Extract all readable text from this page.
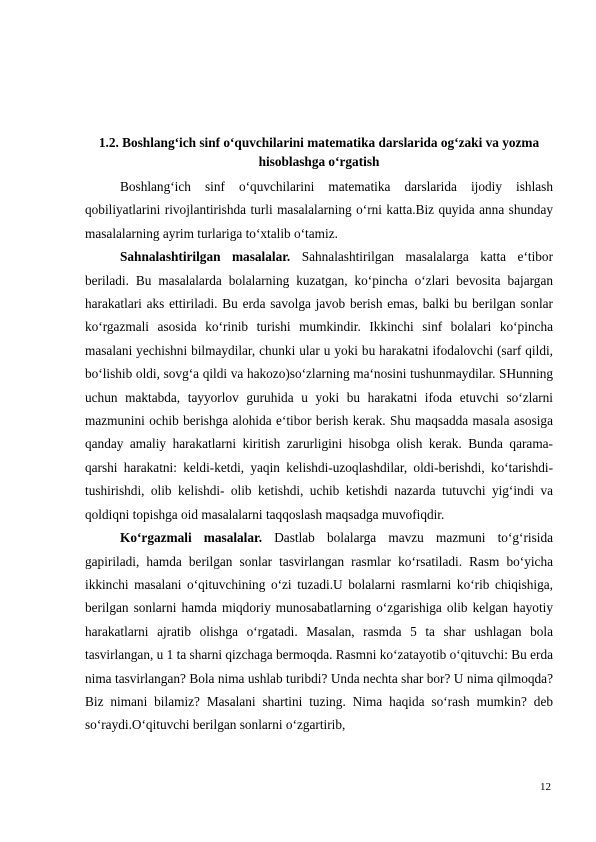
1.2. Boshlang‘ich sinf o‘quvchilarini matematika darslarida og‘zaki va yozma
hisoblashga o‘rgatish

Boshlang‘ich sinf o‘quvchilarini matematika darslarida ijodiy ishlash qobiliyatlarini rivojlantirishda turli masalalarning o‘rni katta.Biz quyida anna shunday masalalarning ayrim turlariga to‘xtalib o‘tamiz.

Sahnalashtirilgan masalalar. Sahnalashtirilgan masalalarga katta e‘tibor beriladi. Bu masalalarda bolalarning kuzatgan, ko‘pincha o‘zlari bevosita bajargan harakatlari aks ettiriladi. Bu erda savolga javob berish emas, balki bu berilgan sonlar ko‘rgazmali asosida ko‘rinib turishi mumkindir. Ikkinchi sinf bolalari ko‘pincha masalani yechishni bilmaydilar, chunki ular u yoki bu harakatni ifodalovchi (sarf qildi, bo‘lishib oldi, sovg‘a qildi va hakozo)so‘zlarning ma‘nosini tushunmaydilar. SHunning uchun maktabda, tayyorlov guruhida u yoki bu harakatni ifoda etuvchi so‘zlarni mazmunini ochib berishga alohida e‘tibor berish kerak. Shu maqsadda masala asosiga qanday amaliy harakatlarni kiritish zarurligini hisobga olish kerak. Bunda qarama- qarshi harakatni: keldi-ketdi, yaqin kelishdi-uzoqlashdilar, oldi-berishdi, ko‘tarishdi-tushirishdi, olib kelishdi- olib ketishdi, uchib ketishdi nazarda tutuvchi yig‘indi va qoldiqni topishga oid masalalarni taqqoslash maqsadga muvofiqdir.

Ko‘rgazmali masalalar. Dastlab bolalarga mavzu mazmuni to‘g‘risida gapiriladi, hamda berilgan sonlar tasvirlangan rasmlar ko‘rsatiladi. Rasm bo‘yicha ikkinchi masalani o‘qituvchining o‘zi tuzadi.U bolalarni rasmlarni ko‘rib chiqishiga, berilgan sonlarni hamda miqdoriy munosabatlarning o‘zgarishiga olib kelgan hayotiy harakatlarni ajratib olishga o‘rgatadi. Masalan, rasmda 5 ta shar ushlagan bola tasvirlangan, u 1 ta sharni qizchaga bermoqda. Rasmni ko‘zatayotib o‘qituvchi: Bu erda nima tasvirlangan? Bola nima ushlab turibdi? Unda nechta shar bor? U nima qilmoqda? Biz nimani bilamiz? Masalani shartini tuzing. Nima haqida so‘rash mumkin? deb so‘raydi.O‘qituvchi berilgan sonlarni o‘zgartirib,

12
